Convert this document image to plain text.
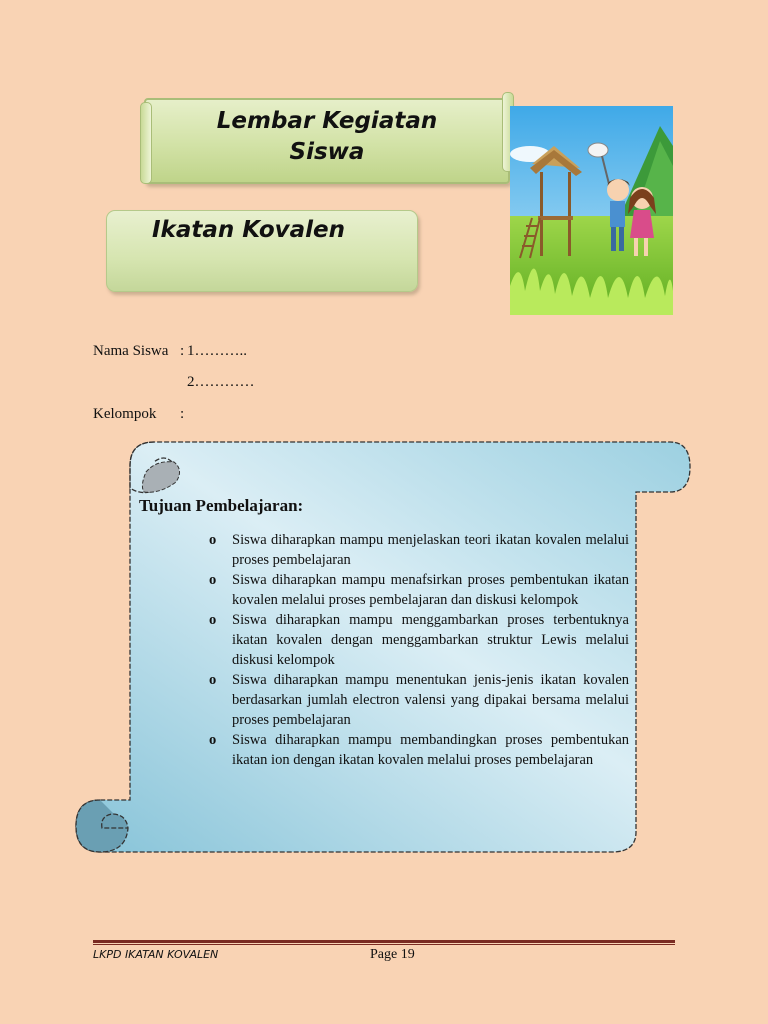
Lembar Kegiatan
Siswa
Ikatan Kovalen
Nama Siswa : 1………..
2…………
Kelompok :
Tujuan Pembelajaran:
o Siswa diharapkan mampu menjelaskan teori ikatan kovalen melalui proses pembelajaran
o Siswa diharapkan mampu menafsirkan proses pembentukan ikatan kovalen melalui proses pembelajaran dan diskusi kelompok
o Siswa diharapkan mampu menggambarkan proses terbentuknya ikatan kovalen dengan menggambarkan struktur Lewis melalui diskusi kelompok
o Siswa diharapkan mampu menentukan jenis-jenis ikatan kovalen berdasarkan jumlah electron valensi yang dipakai bersama melalui proses pembelajaran
o Siswa diharapkan mampu membandingkan proses pembentukan ikatan ion dengan ikatan kovalen melalui proses pembelajaran
LKPD IKATAN KOVALEN	Page 19
